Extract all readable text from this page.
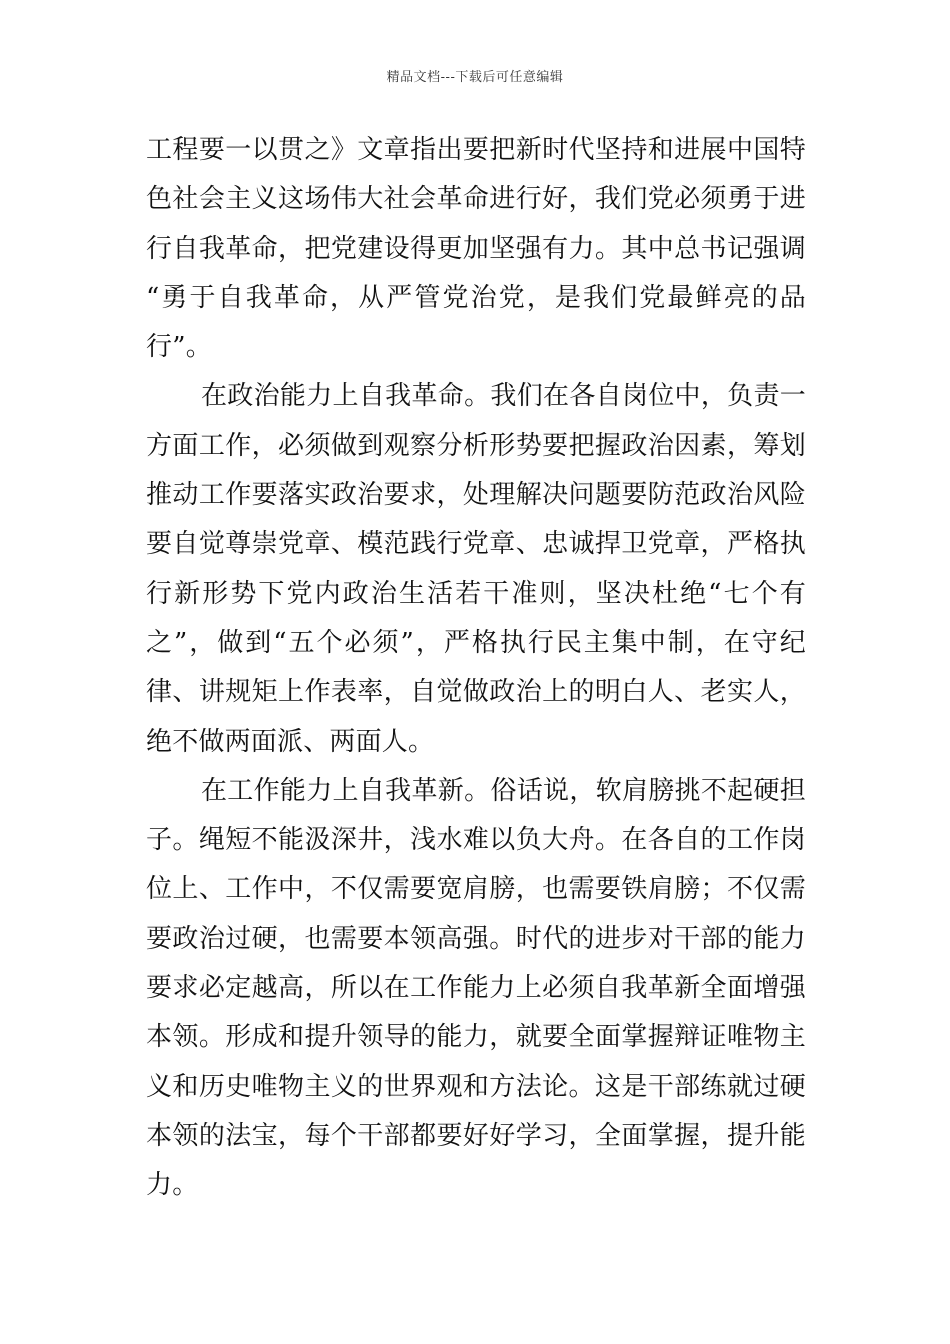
精品文档---下载后可任意编辑
工程要一以贯之》文章指出要把新时代坚持和进展中国特
色社会主义这场伟大社会革命进行好，我们党必须勇于进
行自我革命，把党建设得更加坚强有力。其中总书记强调
“勇于自我革命，从严管党治党，是我们党最鲜亮的品
行”。
在政治能力上自我革命。我们在各自岗位中，负责一
方面工作，必须做到观察分析形势要把握政治因素，筹划
推动工作要落实政治要求，处理解决问题要防范政治风险
要自觉尊崇党章、模范践行党章、忠诚捍卫党章，严格执
行新形势下党内政治生活若干准则，坚决杜绝“七个有
之”，做到“五个必须”，严格执行民主集中制，在守纪
律、讲规矩上作表率，自觉做政治上的明白人、老实人，
绝不做两面派、两面人。
在工作能力上自我革新。俗话说，软肩膀挑不起硬担
子。绳短不能汲深井，浅水难以负大舟。在各自的工作岗
位上、工作中，不仅需要宽肩膀，也需要铁肩膀；不仅需
要政治过硬，也需要本领高强。时代的进步对干部的能力
要求必定越高，所以在工作能力上必须自我革新全面增强
本领。形成和提升领导的能力，就要全面掌握辩证唯物主
义和历史唯物主义的世界观和方法论。这是干部练就过硬
本领的法宝，每个干部都要好好学习，全面掌握，提升能
力。
